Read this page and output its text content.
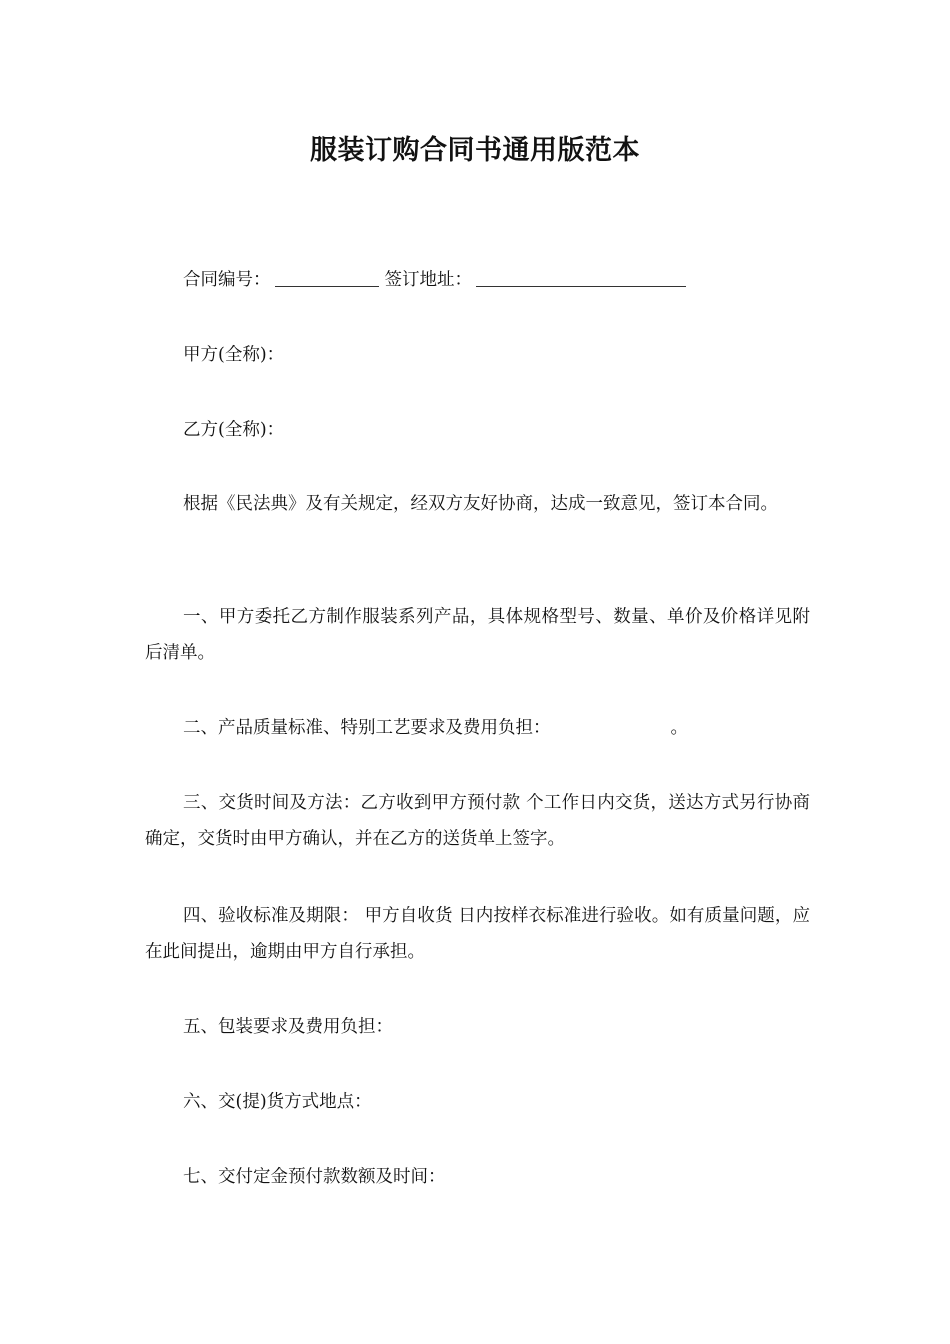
服装订购合同书通用版范本
合同编号：	签订地址：
甲方(全称)：
乙方(全称)：
根据《民法典》及有关规定，经双方友好协商，达成一致意见，签订本合同。
一、甲方委托乙方制作服装系列产品，具体规格型号、数量、单价及价格详见附后清单。
二、产品质量标准、特别工艺要求及费用负担：	。
三、交货时间及方法：乙方收到甲方预付款 个工作日内交货，送达方式另行协商确定，交货时由甲方确认，并在乙方的送货单上签字。
四、验收标准及期限： 甲方自收货 日内按样衣标准进行验收。如有质量问题，应在此间提出，逾期由甲方自行承担。
五、包装要求及费用负担：
六、交(提)货方式地点：
七、交付定金预付款数额及时间：
